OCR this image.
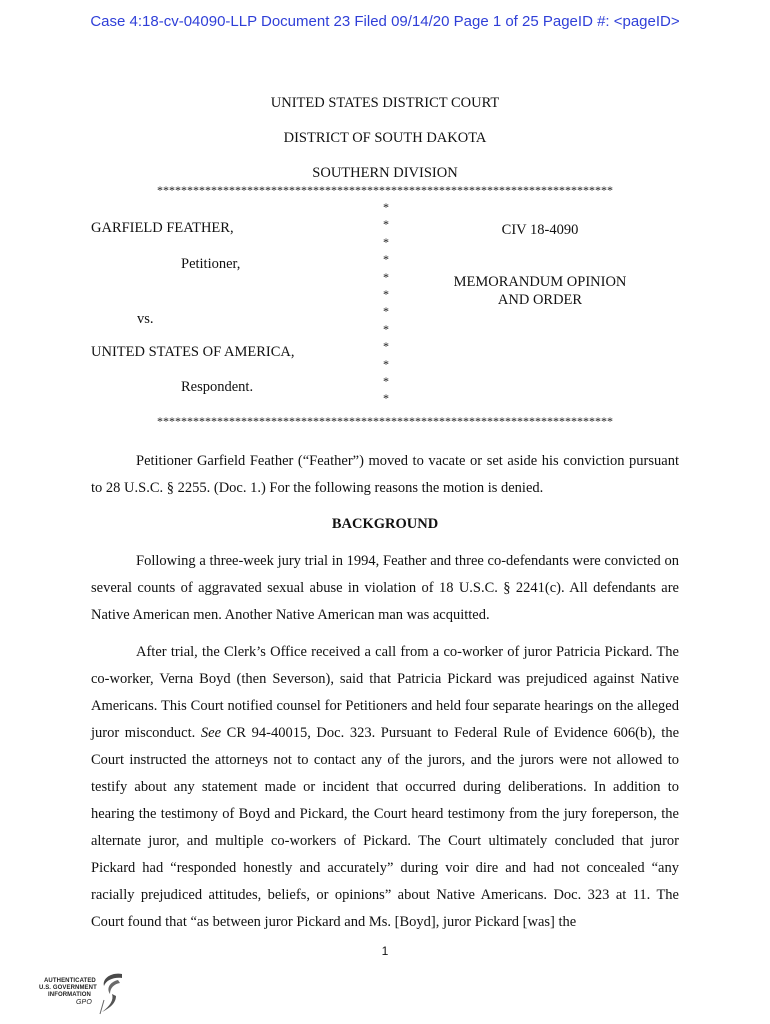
Case 4:18-cv-04090-LLP Document 23 Filed 09/14/20 Page 1 of 25 PageID #: <pageID>
UNITED STATES DISTRICT COURT
DISTRICT OF SOUTH DAKOTA
SOUTHERN DIVISION
****************************************************************************
GARFIELD FEATHER,
Petitioner,
vs.
UNITED STATES OF AMERICA,
Respondent.
*
*
*
*
*
*
*
*
*
*
*
*
CIV 18-4090
MEMORANDUM OPINION
AND ORDER
****************************************************************************

Petitioner Garfield Feather (“Feather”) moved to vacate or set aside his conviction pursuant to 28 U.S.C. § 2255. (Doc. 1.) For the following reasons the motion is denied.

BACKGROUND

Following a three-week jury trial in 1994, Feather and three co-defendants were convicted on several counts of aggravated sexual abuse in violation of 18 U.S.C. § 2241(c). All defendants are Native American men. Another Native American man was acquitted.

After trial, the Clerk’s Office received a call from a co-worker of juror Patricia Pickard. The co-worker, Verna Boyd (then Severson), said that Patricia Pickard was prejudiced against Native Americans. This Court notified counsel for Petitioners and held four separate hearings on the alleged juror misconduct. See CR 94-40015, Doc. 323. Pursuant to Federal Rule of Evidence 606(b), the Court instructed the attorneys not to contact any of the jurors, and the jurors were not allowed to testify about any statement made or incident that occurred during deliberations. In addition to hearing the testimony of Boyd and Pickard, the Court heard testimony from the jury foreperson, the alternate juror, and multiple co-workers of Pickard. The Court ultimately concluded that juror Pickard had “responded honestly and accurately” during voir dire and had not concealed “any racially prejudiced attitudes, beliefs, or opinions” about Native Americans. Doc. 323 at 11. The Court found that “as between juror Pickard and Ms. [Boyd], juror Pickard [was] the

1
AUTHENTICATED
U.S. GOVERNMENT
INFORMATION
GPO
